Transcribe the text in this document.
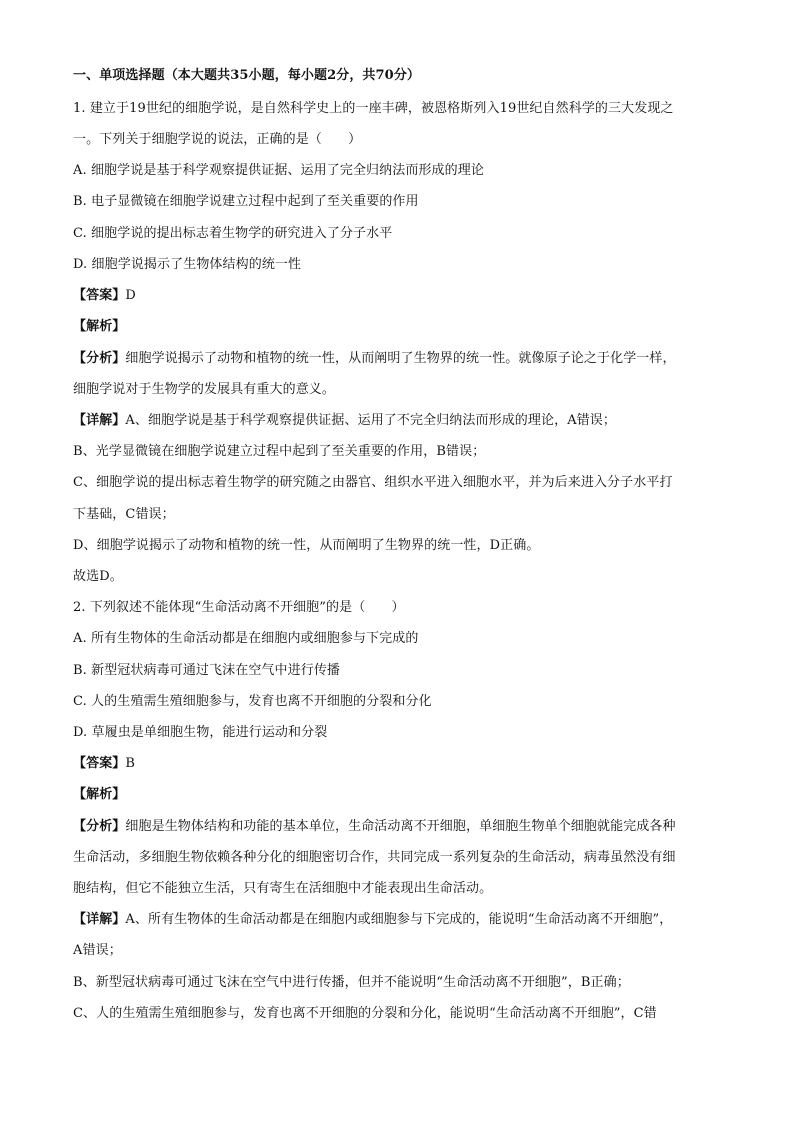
一、单项选择题（本大题共35小题，每小题2分，共70分）
1. 建立于19世纪的细胞学说，是自然科学史上的一座丰碑，被恩格斯列入19世纪自然科学的三大发现之
一。下列关于细胞学说的说法，正确的是（　　）
A. 细胞学说是基于科学观察提供证据、运用了完全归纳法而形成的理论
B. 电子显微镜在细胞学说建立过程中起到了至关重要的作用
C. 细胞学说的提出标志着生物学的研究进入了分子水平
D. 细胞学说揭示了生物体结构的统一性
【答案】D
【解析】
【分析】细胞学说揭示了动物和植物的统一性，从而阐明了生物界的统一性。就像原子论之于化学一样，
细胞学说对于生物学的发展具有重大的意义。
【详解】A、细胞学说是基于科学观察提供证据、运用了不完全归纳法而形成的理论，A错误；
B、光学显微镜在细胞学说建立过程中起到了至关重要的作用，B错误；
C、细胞学说的提出标志着生物学的研究随之由器官、组织水平进入细胞水平，并为后来进入分子水平打
下基础，C错误；
D、细胞学说揭示了动物和植物的统一性，从而阐明了生物界的统一性，D正确。
故选D。
2. 下列叙述不能体现“生命活动离不开细胞”的是（　　）
A. 所有生物体的生命活动都是在细胞内或细胞参与下完成的
B. 新型冠状病毒可通过飞沫在空气中进行传播
C. 人的生殖需生殖细胞参与，发育也离不开细胞的分裂和分化
D. 草履虫是单细胞生物，能进行运动和分裂
【答案】B
【解析】
【分析】细胞是生物体结构和功能的基本单位，生命活动离不开细胞，单细胞生物单个细胞就能完成各种
生命活动，多细胞生物依赖各种分化的细胞密切合作，共同完成一系列复杂的生命活动，病毒虽然没有细
胞结构，但它不能独立生活，只有寄生在活细胞中才能表现出生命活动。
【详解】A、所有生物体的生命活动都是在细胞内或细胞参与下完成的，能说明“生命活动离不开细胞”，
A错误；
B、新型冠状病毒可通过飞沫在空气中进行传播，但并不能说明“生命活动离不开细胞”，B正确；
C、人的生殖需生殖细胞参与，发育也离不开细胞的分裂和分化，能说明“生命活动离不开细胞”，C错
